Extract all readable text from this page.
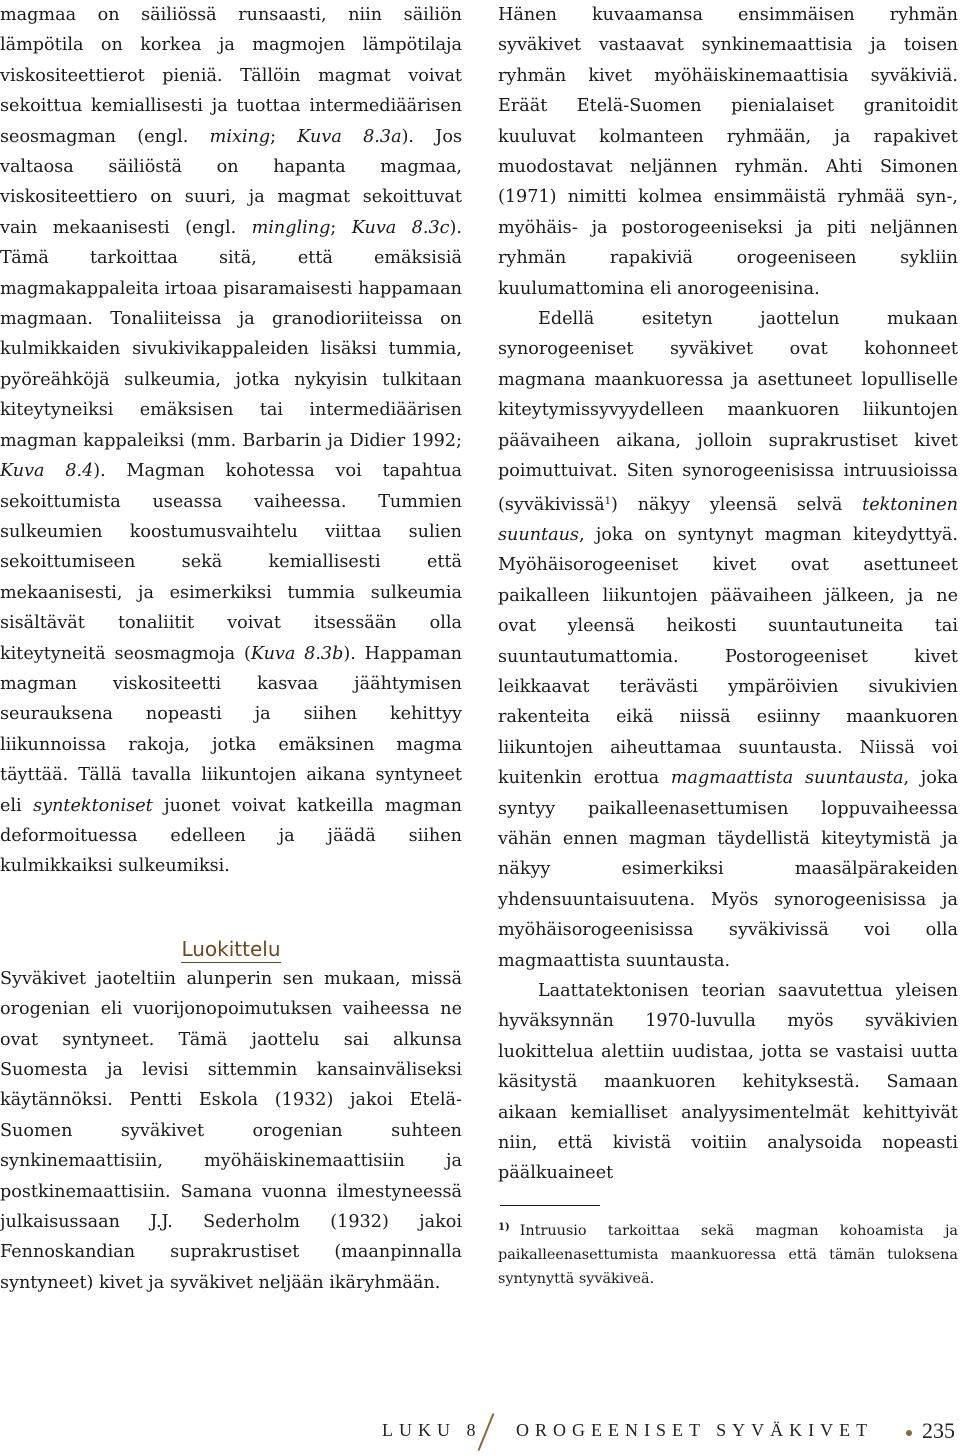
magmaa on säiliössä runsaasti, niin säiliön lämpötila on korkea ja magmojen lämpötilaja viskositeettierot pieniä. Tällöin magmat voivat sekoittua kemiallisesti ja tuottaa intermediäärisen seosmagman (engl. mixing; Kuva 8.3a). Jos valtaosa säiliöstä on hapanta magmaa, viskositeettiero on suuri, ja magmat sekoittuvat vain mekaanisesti (engl. mingling; Kuva 8.3c). Tämä tarkoittaa sitä, että emäksisiä magmakappaleita irtoaa pisaramaisesti happamaan magmaan. Tonaliiteissa ja granodioriiteissa on kulmikkaiden sivukivikappaleiden lisäksi tummia, pyöreähköjä sulkeumia, jotka nykyisin tulkitaan kiteytyneiksi emäksisen tai intermediäärisen magman kappaleiksi (mm. Barbarin ja Didier 1992; Kuva 8.4). Magman kohotessa voi tapahtua sekoittumista useassa vaiheessa. Tummien sulkeumien koostumusvaihtelu viittaa sulien sekoittumiseen sekä kemiallisesti että mekaanisesti, ja esimerkiksi tummia sulkeumia sisältävät tonaliitit voivat itsessään olla kiteytyneitä seosmagmoja (Kuva 8.3b). Happaman magman viskositeetti kasvaa jäähtymisen seurauksena nopeasti ja siihen kehittyy liikunnoissa rakoja, jotka emäksinen magma täyttää. Tällä tavalla liikuntojen aikana syntyneet eli syntektoniset juonet voivat katkeilla magman deformoituessa edelleen ja jäädä siihen kulmikkaiksi sulkeumiksi.

Luokittelu

Syväkivet jaoteltiin alunperin sen mukaan, missä orogenian eli vuorijonopoimutuksen vaiheessa ne ovat syntyneet. Tämä jaottelu sai alkunsa Suomesta ja levisi sittemmin kansainväliseksi käytännöksi. Pentti Eskola (1932) jakoi Etelä-Suomen syväkivet orogenian suhteen synkinemaattisiin, myöhäiskinemaattisiin ja postkinemaattisiin. Samana vuonna ilmestyneessä julkaisussaan J.J. Sederholm (1932) jakoi Fennoskandian suprakrustiset (maanpinnalla syntyneet) kivet ja syväkivet neljään ikäryhmään.

Hänen kuvaamansa ensimmäisen ryhmän syväkivet vastaavat synkinemaattisia ja toisen ryhmän kivet myöhäiskinemaattisia syväkiviä. Eräät Etelä-Suomen pienialaiset granitoidit kuuluvat kolmanteen ryhmään, ja rapakivet muodostavat neljännen ryhmän. Ahti Simonen (1971) nimitti kolmea ensimmäistä ryhmää syn-, myöhäis- ja postorogeeniseksi ja piti neljännen ryhmän rapakiviä orogeeniseen sykliin kuulumattomina eli anorogeenisina.

Edellä esitetyn jaottelun mukaan synorogeeniset syväkivet ovat kohonneet magmana maankuoressa ja asettuneet lopulliselle kiteytymissyvyydelleen maankuoren liikuntojen päävaiheen aikana, jolloin suprakrustiset kivet poimuttuivat. Siten synorogeenisissa intruusioissa (syväkivissä$^1$) näkyy yleensä selvä tektoninen suuntaus, joka on syntynyt magman kiteydyttyä. Myöhäisorogeeniset kivet ovat asettuneet paikalleen liikuntojen päävaiheen jälkeen, ja ne ovat yleensä heikosti suuntautuneita tai suuntautumattomia. Postorogeeniset kivet leikkaavat terävästi ympäröivien sivukivien rakenteita eikä niissä esiinny maankuoren liikuntojen aiheuttamaa suuntausta. Niissä voi kuitenkin erottua magmaattista suuntausta, joka syntyy paikalleenasettumisen loppuvaiheessa vähän ennen magman täydellistä kiteytymistä ja näkyy esimerkiksi maasälpärakeiden yhdensuuntaisuutena. Myös synorogeenisissa ja myöhäisorogeenisissa syväkivissä voi olla magmaattista suuntausta.

Laattatektonisen teorian saavutettua yleisen hyväksynnän 1970-luvulla myös syväkivien luokittelua alettiin uudistaa, jotta se vastaisi uutta käsitystä maankuoren kehityksestä. Samaan aikaan kemialliset analyysimentelmät kehittyivät niin, että kivistä voitiin analysoida nopeasti päälkuaineet

$^{1)}$ Intruusio tarkoittaa sekä magman kohoamista ja paikalleenasettumista maankuoressa että tämän tuloksena syntynyttä syväkiveä.

LUKU 8 OROGEENISET SYVÄKIVET 235
